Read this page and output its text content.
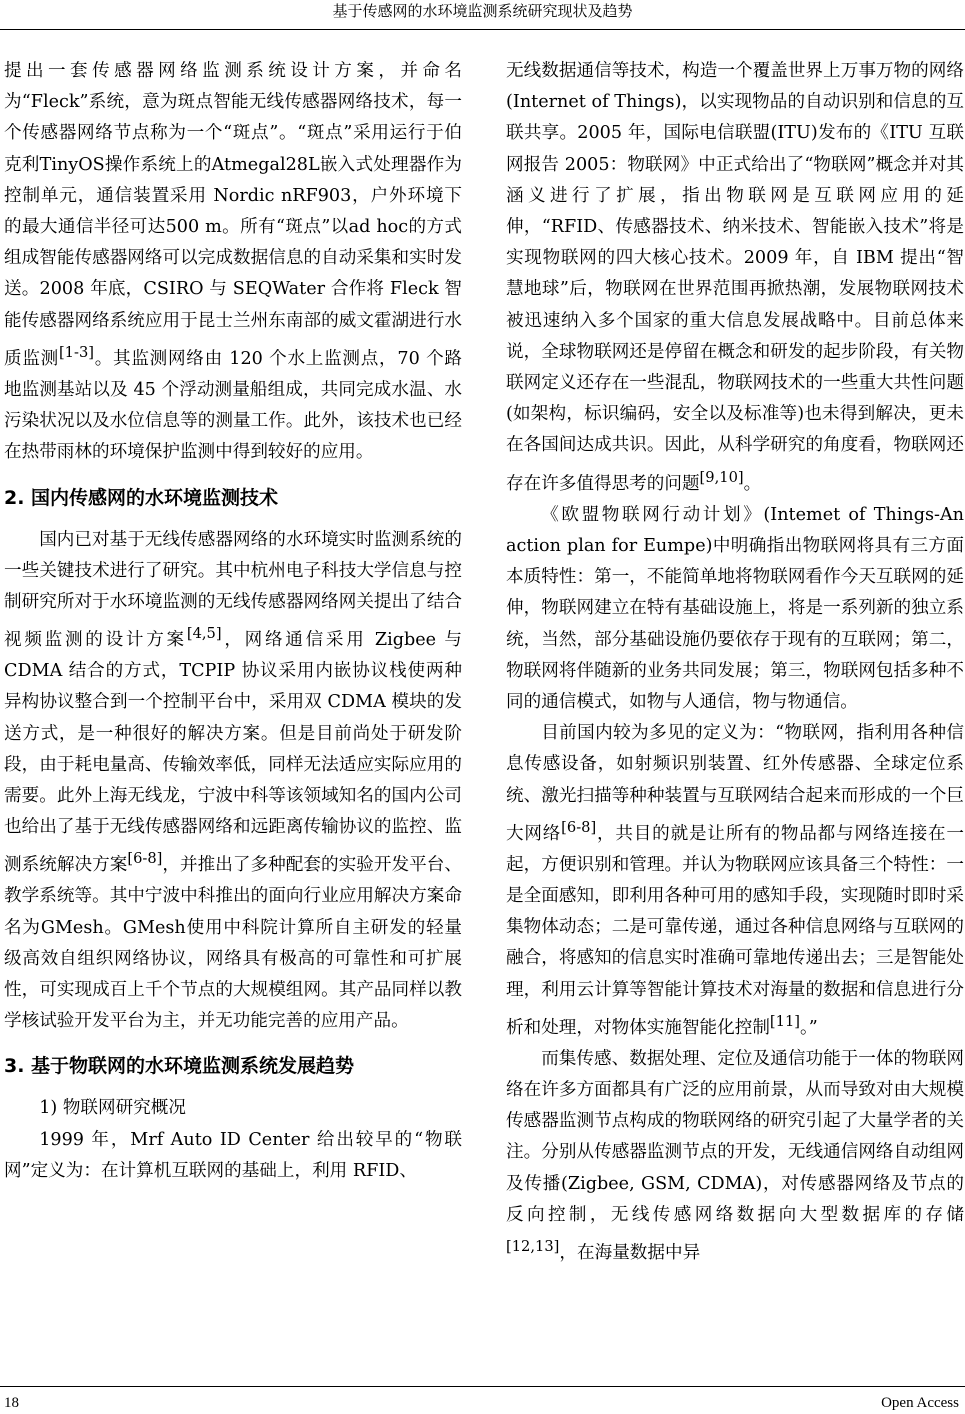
基于传感网的水环境监测系统研究现状及趋势

提出一套传感器网络监测系统设计方案，并命名为“Fleck”系统，意为斑点智能无线传感器网络技术，每一个传感器网络节点称为一个“斑点”。“斑点”采用运行于伯克利TinyOS操作系统上的Atmegal28L嵌入式处理器作为控制单元，通信装置采用 Nordic nRF903，户外环境下的最大通信半径可达500 m。所有“斑点”以ad hoc的方式组成智能传感器网络可以完成数据信息的自动采集和实时发送。2008 年底，CSIRO 与 SEQWater 合作将 Fleck 智能传感器网络系统应用于昆士兰州东南部的威文霍湖进行水质监测[1-3]。其监测网络由 120 个水上监测点，70 个路地监测基站以及 45 个浮动测量船组成，共同完成水温、水污染状况以及水位信息等的测量工作。此外，该技术也已经在热带雨林的环境保护监测中得到较好的应用。

2. 国内传感网的水环境监测技术

国内已对基于无线传感器网络的水环境实时监测系统的一些关键技术进行了研究。其中杭州电子科技大学信息与控制研究所对于水环境监测的无线传感器网络网关提出了结合视频监测的设计方案[4,5]，网络通信采用 Zigbee 与 CDMA 结合的方式，TCPIP 协议采用内嵌协议栈使两种异构协议整合到一个控制平台中，采用双 CDMA 模块的发送方式，是一种很好的解决方案。但是目前尚处于研发阶段，由于耗电量高、传输效率低，同样无法适应实际应用的需要。此外上海无线龙，宁波中科等该领域知名的国内公司也给出了基于无线传感器网络和远距离传输协议的监控、监测系统解决方案[6-8]，并推出了多种配套的实验开发平台、教学系统等。其中宁波中科推出的面向行业应用解决方案命名为GMesh。GMesh使用中科院计算所自主研发的轻量级高效自组织网络协议，网络具有极高的可靠性和可扩展性，可实现成百上千个节点的大规模组网。其产品同样以教学核试验开发平台为主，并无功能完善的应用产品。

3. 基于物联网的水环境监测系统发展趋势

1) 物联网研究概况

1999 年，Mrf Auto ID Center 给出较早的“物联网”定义为：在计算机互联网的基础上，利用 RFID、

无线数据通信等技术，构造一个覆盖世界上万事万物的网络(Internet of Things)，以实现物品的自动识别和信息的互联共享。2005 年，国际电信联盟(ITU)发布的《ITU 互联网报告 2005：物联网》中正式给出了“物联网”概念并对其涵义进行了扩展，指出物联网是互联网应用的延伸，“RFID、传感器技术、纳米技术、智能嵌入技术”将是实现物联网的四大核心技术。2009 年，自 IBM 提出“智慧地球”后，物联网在世界范围再掀热潮，发展物联网技术被迅速纳入多个国家的重大信息发展战略中。目前总体来说，全球物联网还是停留在概念和研发的起步阶段，有关物联网定义还存在一些混乱，物联网技术的一些重大共性问题(如架构，标识编码，安全以及标准等)也未得到解决，更未在各国间达成共识。因此，从科学研究的角度看，物联网还存在许多值得思考的问题[9,10]。

《欧盟物联网行动计划》(Intemet of Things-An action plan for Eumpe)中明确指出物联网将具有三方面本质特性：第一，不能简单地将物联网看作今天互联网的延伸，物联网建立在特有基础设施上，将是一系列新的独立系统，当然，部分基础设施仍要依存于现有的互联网；第二，物联网将伴随新的业务共同发展；第三，物联网包括多种不同的通信模式，如物与人通信，物与物通信。

目前国内较为多见的定义为：“物联网，指利用各种信息传感设备，如射频识别装置、红外传感器、全球定位系统、激光扫描等种种装置与互联网结合起来而形成的一个巨大网络[6-8]，共目的就是让所有的物品都与网络连接在一起，方便识别和管理。并认为物联网应该具备三个特性：一是全面感知，即利用各种可用的感知手段，实现随时即时采集物体动态；二是可靠传递，通过各种信息网络与互联网的融合，将感知的信息实时准确可靠地传递出去；三是智能处理，利用云计算等智能计算技术对海量的数据和信息进行分析和处理，对物体实施智能化控制[11]。”

而集传感、数据处理、定位及通信功能于一体的物联网络在许多方面都具有广泛的应用前景，从而导致对由大规模传感器监测节点构成的物联网络的研究引起了大量学者的关注。分别从传感器监测节点的开发，无线通信网络自动组网及传播(Zigbee, GSM, CDMA)，对传感器网络及节点的反向控制，无线传感网络数据向大型数据库的存储[12,13]，在海量数据中异

18	Open Access
